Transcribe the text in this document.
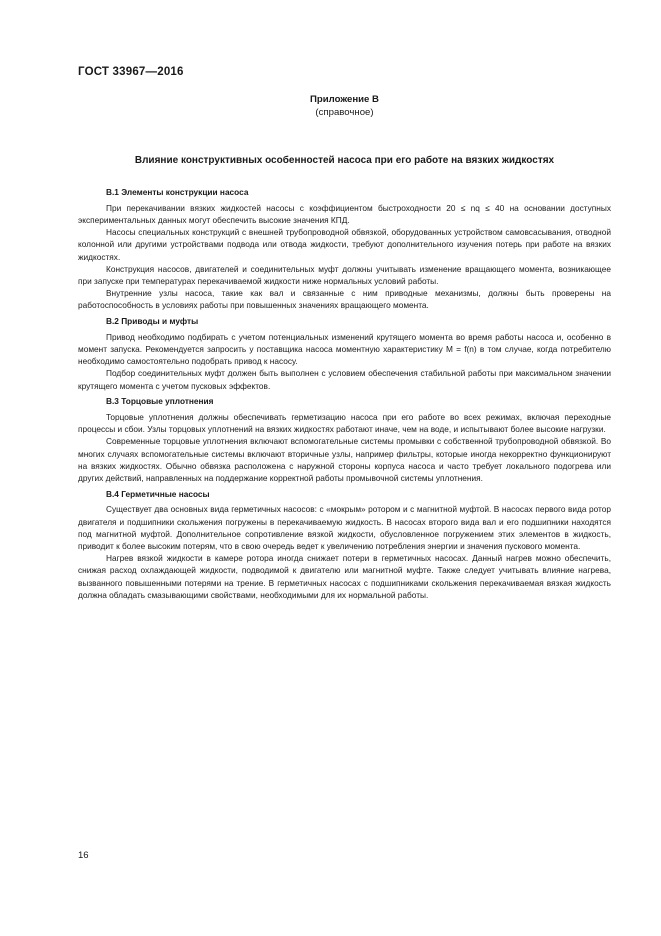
ГОСТ 33967—2016
Приложение В
(справочное)
Влияние конструктивных особенностей насоса при его работе на вязких жидкостях
В.1 Элементы конструкции насоса

При перекачивании вязких жидкостей насосы с коэффициентом быстроходности 20 ≤ nq ≤ 40 на основании доступных экспериментальных данных могут обеспечить высокие значения КПД.

Насосы специальных конструкций с внешней трубопроводной обвязкой, оборудованных устройством самовсасывания, отводной колонной или другими устройствами подвода или отвода жидкости, требуют дополнительного изучения потерь при работе на вязких жидкостях.

Конструкция насосов, двигателей и соединительных муфт должны учитывать изменение вращающего момента, возникающее при запуске при температурах перекачиваемой жидкости ниже нормальных условий работы.

Внутренние узлы насоса, такие как вал и связанные с ним приводные механизмы, должны быть проверены на работоспособность в условиях работы при повышенных значениях вращающего момента.

В.2 Приводы и муфты

Привод необходимо подбирать с учетом потенциальных изменений крутящего момента во время работы насоса и, особенно в момент запуска. Рекомендуется запросить у поставщика насоса моментную характеристику M = f(n) в том случае, когда потребителю необходимо самостоятельно подобрать привод к насосу.

Подбор соединительных муфт должен быть выполнен с условием обеспечения стабильной работы при максимальном значении крутящего момента с учетом пусковых эффектов.

В.3 Торцовые уплотнения

Торцовые уплотнения должны обеспечивать герметизацию насоса при его работе во всех режимах, включая переходные процессы и сбои. Узлы торцовых уплотнений на вязких жидкостях работают иначе, чем на воде, и испытывают более высокие нагрузки.

Современные торцовые уплотнения включают вспомогательные системы промывки с собственной трубопроводной обвязкой. Во многих случаях вспомогательные системы включают вторичные узлы, например фильтры, которые иногда некорректно функционируют на вязких жидкостях. Обычно обвязка расположена с наружной стороны корпуса насоса и часто требует локального подогрева или других действий, направленных на поддержание корректной работы промывочной системы уплотнения.

В.4 Герметичные насосы

Существует два основных вида герметичных насосов: с «мокрым» ротором и с магнитной муфтой. В насосах первого вида ротор двигателя и подшипники скольжения погружены в перекачиваемую жидкость. В насосах второго вида вал и его подшипники находятся под магнитной муфтой. Дополнительное сопротивление вязкой жидкости, обусловленное погружением этих элементов в жидкость, приводит к более высоким потерям, что в свою очередь ведет к увеличению потребления энергии и значения пускового момента.

Нагрев вязкой жидкости в камере ротора иногда снижает потери в герметичных насосах. Данный нагрев можно обеспечить, снижая расход охлаждающей жидкости, подводимой к двигателю или магнитной муфте. Также следует учитывать влияние нагрева, вызванного повышенными потерями на трение. В герметичных насосах с подшипниками скольжения перекачиваемая вязкая жидкость должна обладать смазывающими свойствами, необходимыми для их нормальной работы.

16
